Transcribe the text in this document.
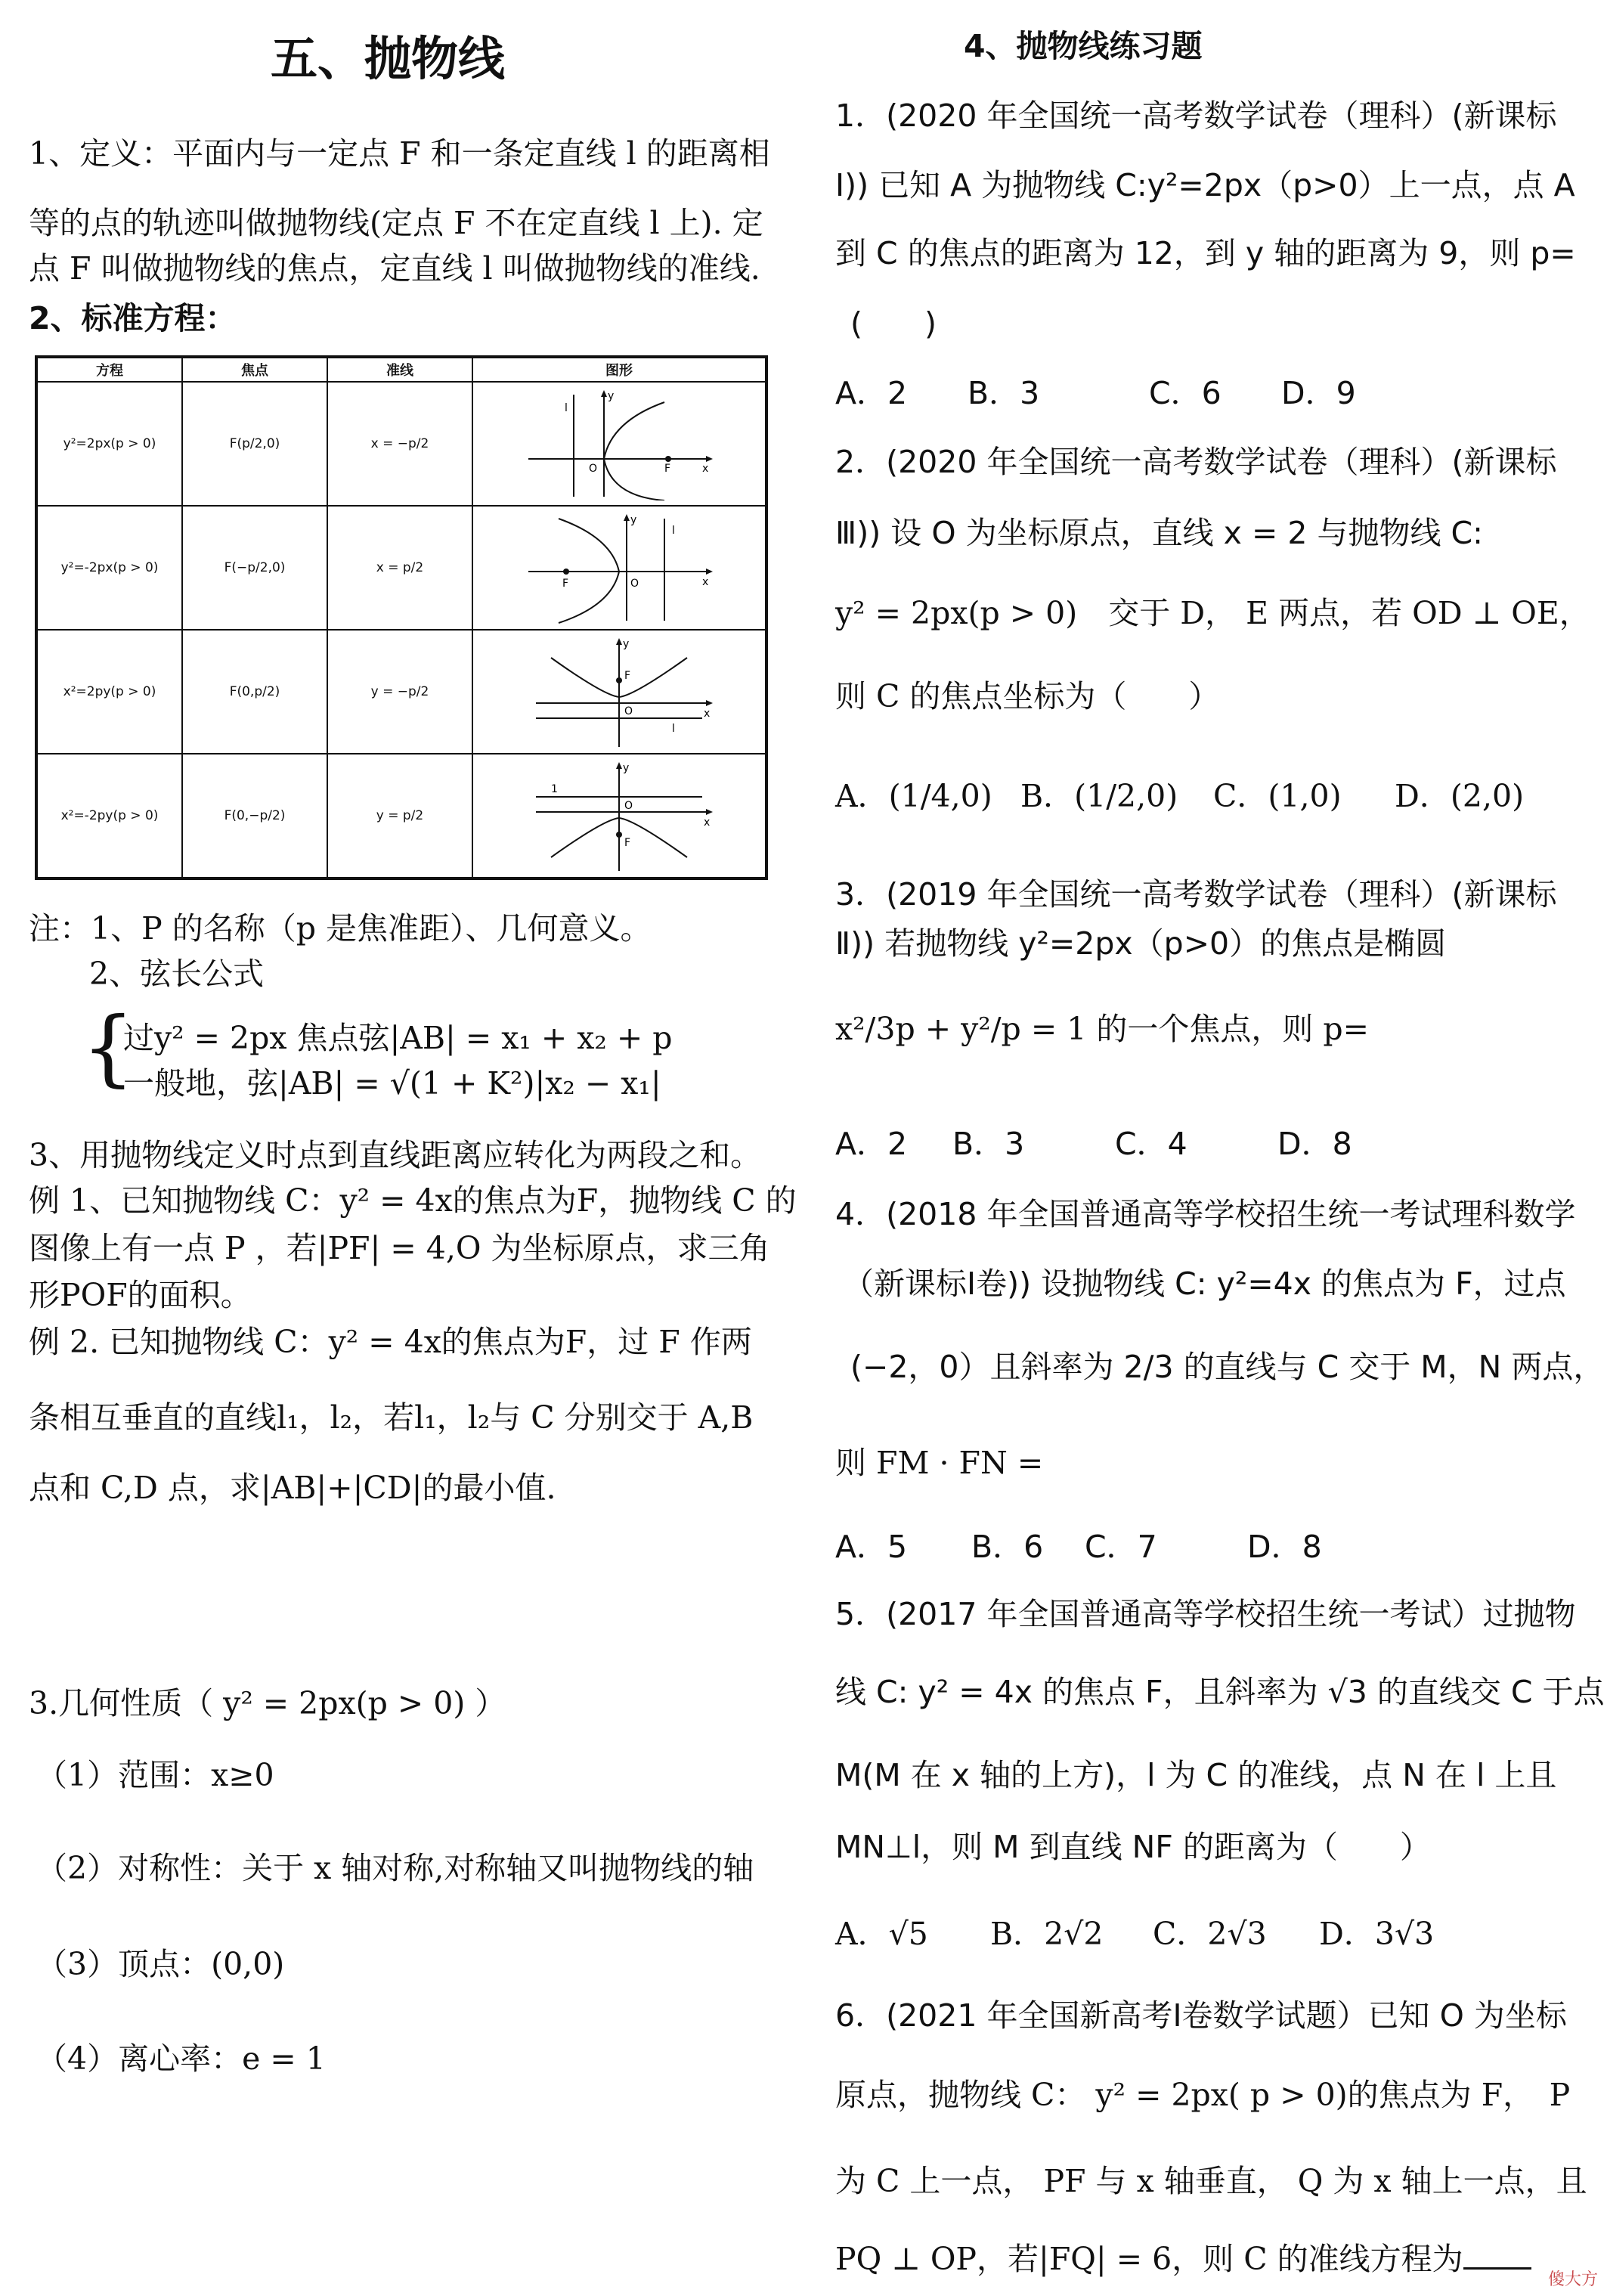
五、抛物线
1、定义：平面内与一定点 F 和一条定直线 l 的距离相
等的点的轨迹叫做抛物线(定点 F 不在定直线 l 上). 定
点 F 叫做抛物线的焦点，定直线 l 叫做抛物线的准线.
2、标准方程：
方程	焦点	准线	图形
y²=2px(p > 0)	F(p/2,0)	x = −p/2	l
y
O F x

y²=-2px(p > 0)	F(−p/2,0)	x = p/2	l
y
O
F x

x²=2py(p > 0)	F(0,p/2)	y = −p/2	y
F
O x
l

x²=-2py(p > 0)	F(0,−p/2)	y = p/2	y
F
O
x
1
注：1、P 的名称（p 是焦准距）、几何意义。
2、弦长公式
{
过y² = 2px 焦点弦|AB| = x₁ + x₂ + p
一般地，弦|AB| = √(1 + K²)|x₂ − x₁|
3、用抛物线定义时点到直线距离应转化为两段之和。
例 1、已知抛物线 C：y² = 4x的焦点为F，抛物线 C 的
图像上有一点 P ，若|PF| = 4,O 为坐标原点，求三角
形POF的面积。
例 2. 已知抛物线 C：y² = 4x的焦点为F，过 F 作两
条相互垂直的直线l₁，l₂，若l₁，l₂与 C 分别交于 A,B
点和 C,D 点，求|AB|+|CD|的最小值.
3.几何性质（ y² = 2px(p > 0) ）
（1）范围：x≥0
（2）对称性：关于 x 轴对称,对称轴又叫抛物线的轴
（3）顶点：(0,0)
（4）离心率：e = 1
4、抛物线练习题
1．(2020 年全国统一高考数学试卷（理科）(新课标
Ⅰ)) 已知 A 为抛物线 C:y²=2px（p>0）上一点，点 A
到 C 的焦点的距离为 12，到 y 轴的距离为 9，则 p=
(　　)
A．2 B．3	C．6 D．9
2．(2020 年全国统一高考数学试卷（理科）(新课标
Ⅲ)) 设 O 为坐标原点，直线 x = 2 与抛物线 C:
y² = 2px(p > 0)　交于 D， E 两点，若 OD ⊥ OE，
则 C 的焦点坐标为（　　）
A．(1/4,0) B．(1/2,0) C．(1,0) D．(2,0)
3．(2019 年全国统一高考数学试卷（理科）(新课标
Ⅱ)) 若抛物线 y²=2px（p>0）的焦点是椭圆
x²/3p + y²/p = 1 的一个焦点，则 p=
A．2 B．3	C．4	D．8
4．(2018 年全国普通高等学校招生统一考试理科数学
（新课标Ⅰ卷)) 设抛物线 C: y²=4x 的焦点为 F，过点
(−2，0）且斜率为 2/3 的直线与 C 交于 M，N 两点，
则 FM · FN =
A．5 B．6 C．7	D．8
5．(2017 年全国普通高等学校招生统一考试）过抛物
线 C: y² = 4x 的焦点 F，且斜率为 √3 的直线交 C 于点
M(M 在 x 轴的上方)，l 为 C 的准线，点 N 在 l 上且
MN⊥l，则 M 到直线 NF 的距离为（　　）
A．√5 B．2√2 C．2√3 D．3√3
6．(2021 年全国新高考Ⅰ卷数学试题）已知 O 为坐标
原点，抛物线 C： y² = 2px( p > 0)的焦点为 F，　P
为 C 上一点， PF 与 x 轴垂直， Q 为 x 轴上一点，且
PQ ⊥ OP，若|FQ| = 6，则 C 的准线方程为
傻大方
